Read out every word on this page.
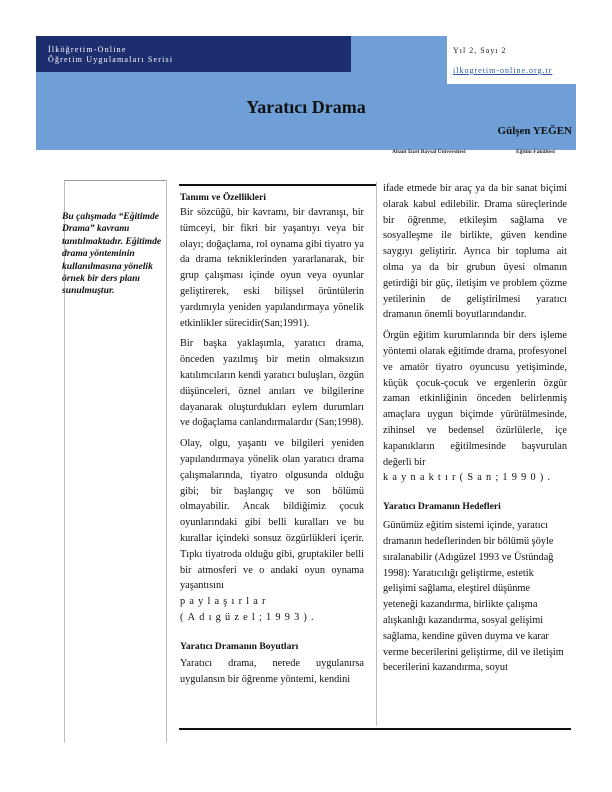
İlköğretim-Online
Öğretim Uygulamaları Serisi
Yıl 2, Sayı 2
ilkogretim-online.org.tr
Yaratıcı Drama
Gülşen YEĞEN
Abant İzzet Baysal Üniversitesi	Eğitim Fakültesi
Bu çalışmada “Eğitimde Drama” kavramı tanıtılmaktadır. Eğitimde drama yönteminin kullanılmasına yönelik örnek bir ders planı sunulmuştur.
Tanımı ve Özellikleri

Bir sözcüğü, bir kavramı, bir davranışı, bir tümceyi, bir fikri bir yaşantıyı veya bir olayı; doğaçlama, rol oynama gibi tiyatro ya da drama tekniklerinden yararlanarak, bir grup çalışması içinde oyun veya oyunlar geliştirerek, eski bilişsel örüntülerin yardımıyla yeniden yapılandırmaya yönelik etkinlikler sürecidir(San;1991).

Bir başka yaklaşımla, yaratıcı drama, önceden yazılmış bir metin olmaksızın katılımcıların kendi yaratıcı buluşları, özgün düşünceleri, öznel anıları ve bilgilerine dayanarak oluşturdukları eylem durumları ve doğaçlama canlandırmalardır (San;1998).

Olay, olgu, yaşantı ve bilgileri yeniden yapılandırmaya yönelik olan yaratıcı drama çalışmalarında, tiyatro olgusunda olduğu gibi; bir başlangıç ve son bölümü olmayabilir. Ancak bildiğimiz çocuk oyunlarındaki gibi belli kuralları ve bu kurallar içindeki sonsuz özgürlükleri içerir. Tıpkı tiyatroda olduğu gibi, gruptakiler belli bir atmosferi ve o andaki oyun oynama yaşantısını

paylaşırlar (Adıgüzel;1993).

Yaratıcı Dramanın Boyutları

Yaratıcı drama, nerede uygulanırsa uygulansın bir öğrenme yöntemi, kendini

ifade etmede bir araç ya da bir sanat biçimi olarak kabul edilebilir. Drama süreçlerinde bir öğrenme, etkileşim sağlama ve sosyalleşme ile birlikte, güven kendine saygıyı geliştirir. Ayrıca bir topluma ait olma ya da bir grubun üyesi olmanın getirdiği bir güç, iletişim ve problem çözme yetilerinin de geliştirilmesi yaratıcı dramanın önemli boyutlarındandır.

Örgün eğitim kurumlarında bir ders işleme yöntemi olarak eğitimde drama, profesyonel ve amatör tiyatro oyuncusu yetişiminde, küçük çocuk-çocuk ve ergenlerin özgür zaman etkinliğinin önceden belirlenmiş amaçlara uygun biçimde yürütülmesinde, zihinsel ve bedensel özürlülerle, içe kapanıkların eğitilmesinde başvurulan değerli bir

kaynaktır(San;1990).

Yaratıcı Dramanın Hedefleri

Günümüz eğitim sistemi içinde, yaratıcı dramanın hedeflerinden bir bölümü şöyle sıralanabilir (Adıgüzel 1993 ve Üstündağ 1998): Yaratıcılığı geliştirme, estetik gelişimi sağlama, eleştirel düşünme yeteneği kazandırma, birlikte çalışma alışkanlığı kazandırma, sosyal gelişimi sağlama, kendine güven duyma ve karar verme becerilerini geliştirme, dil ve iletişim becerilerini kazandırma, soyut
